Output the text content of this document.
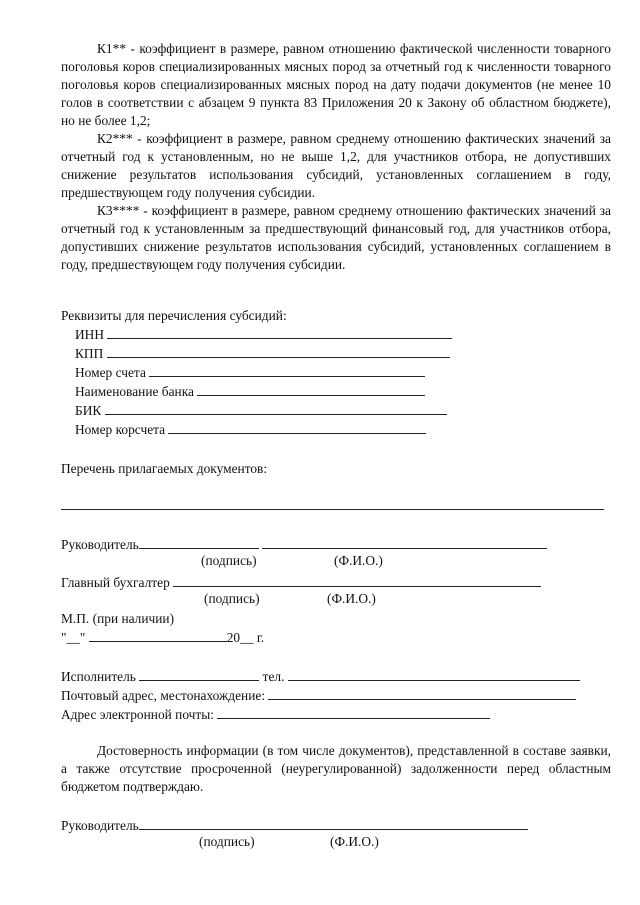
К1** - коэффициент в размере, равном отношению фактической численности товарного поголовья коров специализированных мясных пород за отчетный год к численности товарного поголовья коров специализированных мясных пород на дату подачи документов (не менее 10 голов в соответствии с абзацем 9 пункта 83 Приложения 20 к Закону об областном бюджете), но не более 1,2;

К2*** - коэффициент в размере, равном среднему отношению фактических значений за отчетный год к установленным, но не выше 1,2, для участников отбора, не допустивших снижение результатов использования субсидий, установленных соглашением в году, предшествующем году получения субсидии.

К3**** - коэффициент в размере, равном среднему отношению фактических значений за отчетный год к установленным за предшествующий финансовый год, для участников отбора, допустивших снижение результатов использования субсидий, установленных соглашением в году, предшествующем году получения субсидии.

Реквизиты для перечисления субсидий:

ИНН

КПП

Номер счета

Наименование банка

БИК

Номер корсчета

Перечень прилагаемых документов:

Руководитель

(подпись)	(Ф.И.О.)

Главный бухгалтер

(подпись)	(Ф.И.О.)

М.П. (при наличии)

"__"	20__ г.

Исполнитель	тел.

Почтовый адрес, местонахождение:

Адрес электронной почты:

Достоверность информации (в том числе документов), представленной в составе заявки, а также отсутствие просроченной (неурегулированной) задолженности перед областным бюджетом подтверждаю.

Руководитель

(подпись)	(Ф.И.О.)
